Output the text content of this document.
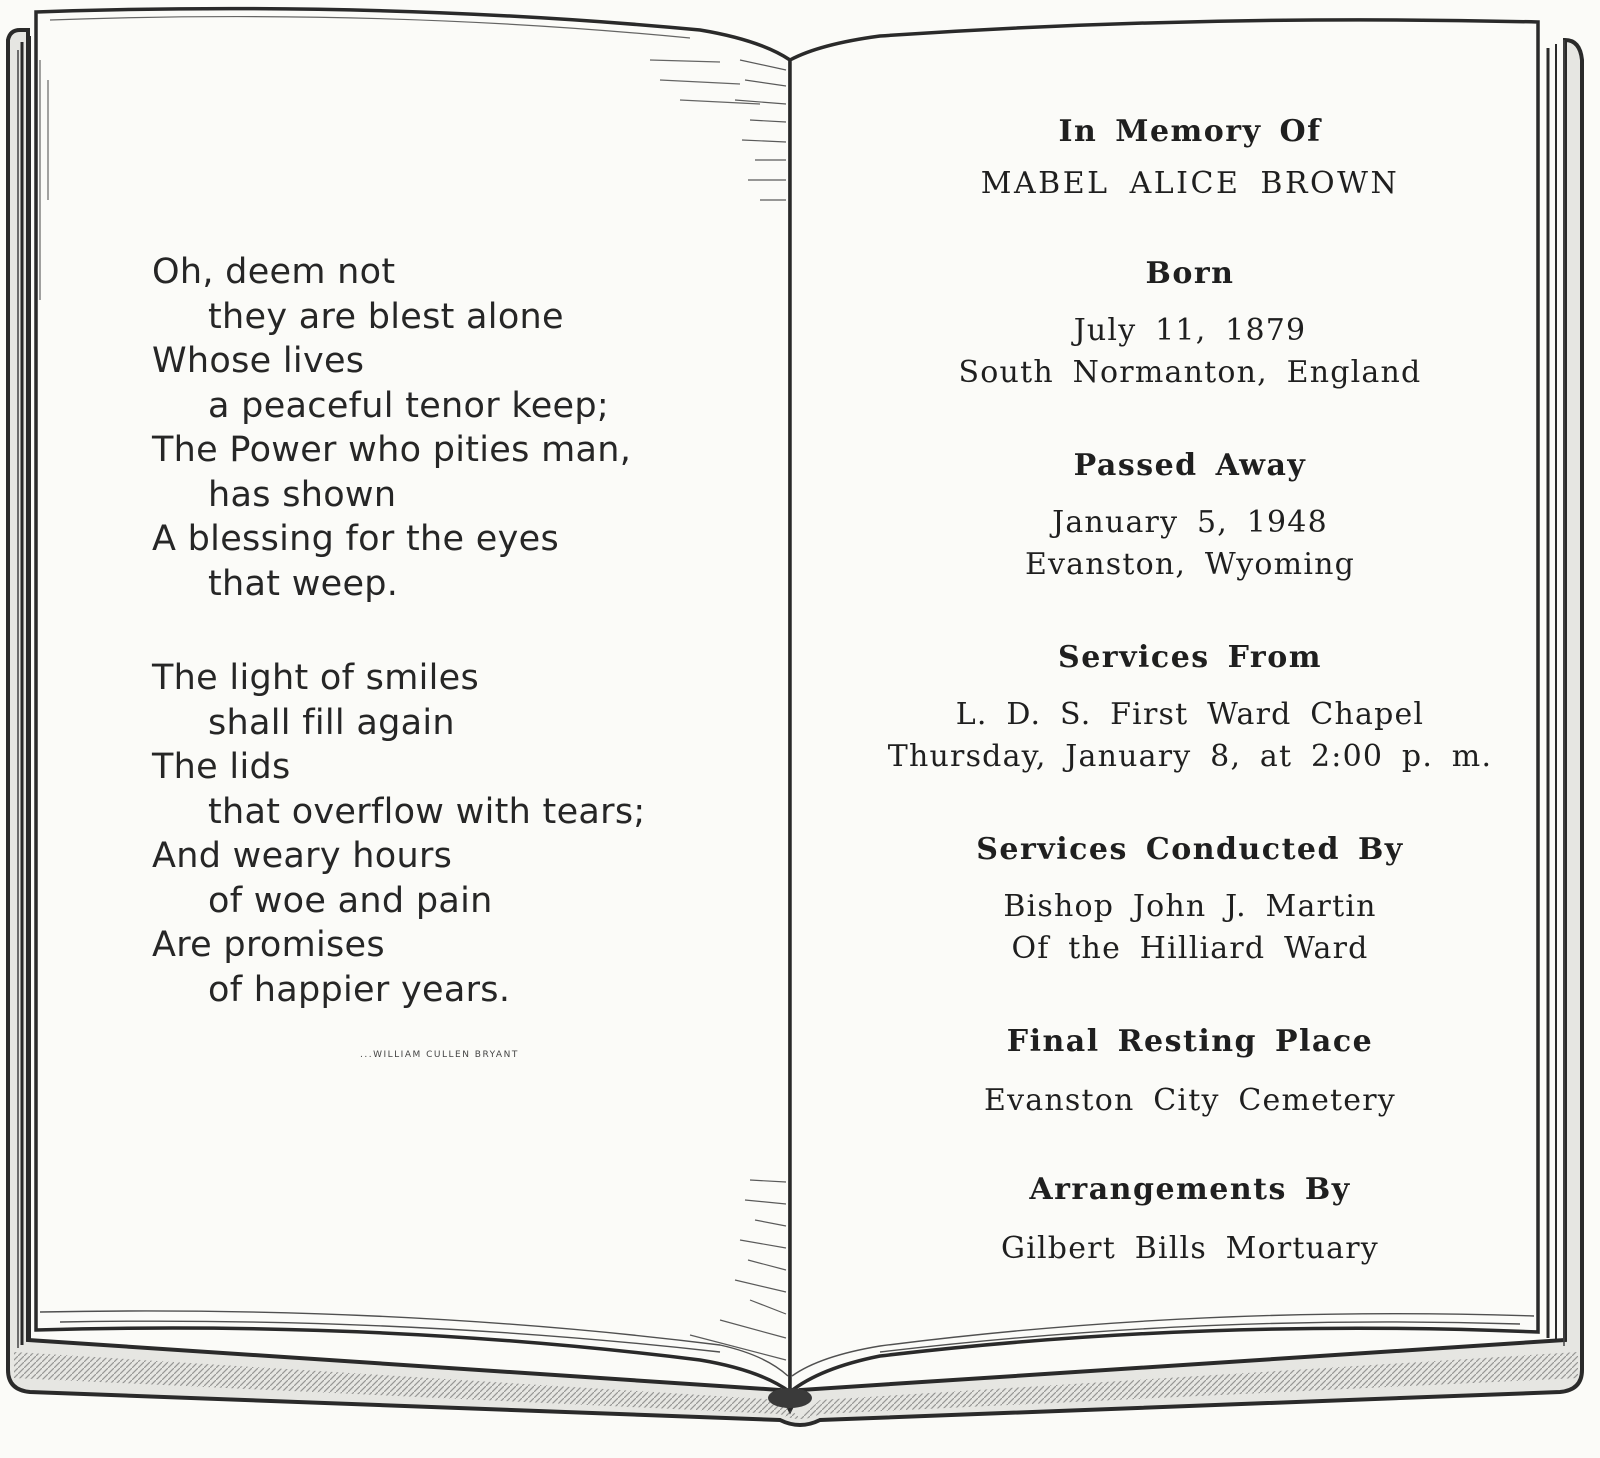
Oh, deem not
they are blest alone
Whose lives
a peaceful tenor keep;
The Power who pities man,
has shown
A blessing for the eyes
that weep.

The light of smiles
shall fill again
The lids
that overflow with tears;
And weary hours
of woe and pain
Are promises
of happier years.

...WILLIAM CULLEN BRYANT

In Memory Of

MABEL ALICE BROWN

Born

July 11, 1879

South Normanton, England

Passed Away

January 5, 1948

Evanston, Wyoming

Services From

L. D. S. First Ward Chapel

Thursday, January 8, at 2:00 p. m.

Services Conducted By

Bishop John J. Martin

Of the Hilliard Ward

Final Resting Place

Evanston City Cemetery

Arrangements By

Gilbert Bills Mortuary
